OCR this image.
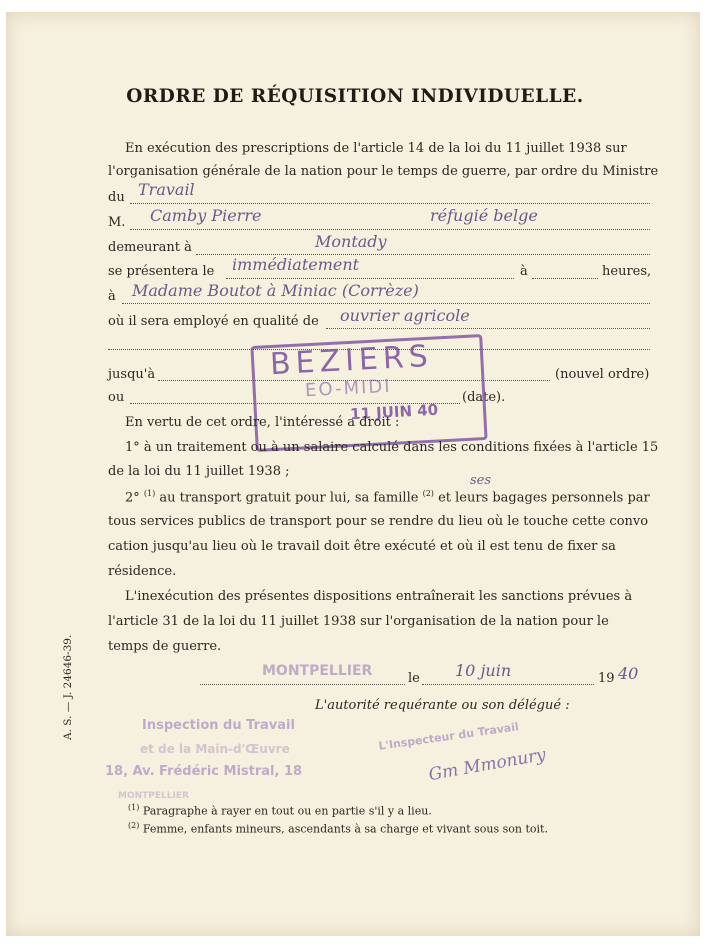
ORDRE DE RÉQUISITION INDIVIDUELLE.
A. S. — J. 24646-39.
En exécution des prescriptions de l'article 14 de la loi du 11 juillet 1938 sur
l'organisation générale de la nation pour le temps de guerre, par ordre du Ministre
du Travail
M. Camby Pierre	réfugié belge
demeurant à	Montady
se présentera le immédiatement	à	heures,
à Madame Boutot à Miniac (Corrèze)
où il sera employé en qualité de ouvrier agricole
jusqu'à	(nouvel ordre)
ou	(date).
BEZIERS
EO-MIDI
11 JUIN 40
En vertu de cet ordre, l'intéressé a droit :
1° à un traitement ou à un salaire calculé dans les conditions fixées à l'article 15
de la loi du 11 juillet 1938 ;
2° $^{(1)}$ au transport gratuit pour lui, sa famille $^{(2)}$ et leurs bagages personnels par
ses
tous services publics de transport pour se rendre du lieu où le touche cette convo
cation jusqu'au lieu où le travail doit être exécuté et où il est tenu de fixer sa
résidence.
L'inexécution des présentes dispositions entraînerait les sanctions prévues à
l'article 31 de la loi du 11 juillet 1938 sur l'organisation de la nation pour le
temps de guerre.
MONTPELLIER	le 10 juin	19 40
L'autorité requérante ou son délégué :
Inspection du Travail
et de la Main-d'Œuvre
18, Av. Frédéric Mistral, 18
MONTPELLIER
L'Inspecteur du Travail
Gm Mmonury
$^{(1)}$ Paragraphe à rayer en tout ou en partie s'il y a lieu.
$^{(2)}$ Femme, enfants mineurs, ascendants à sa charge et vivant sous son toit.
